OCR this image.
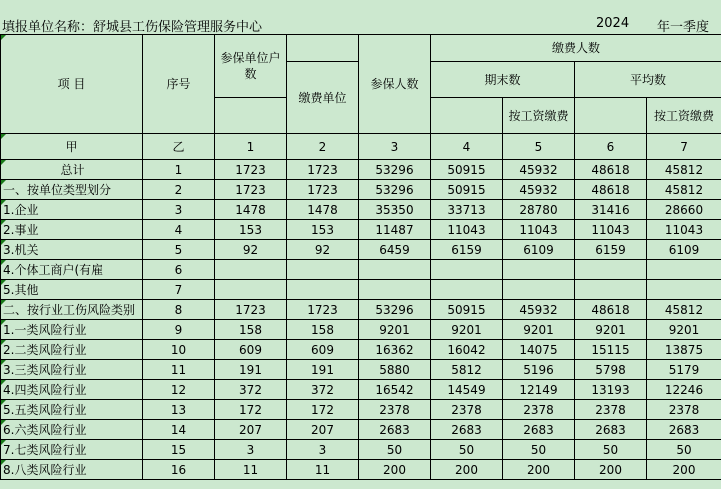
填报单位名称：舒城县工伤保险管理服务中心	2024 年一季度
项 目	序号	参保单位户数		参保人数	缴费人数			
			缴费单位		期末数		平均数	
						按工资缴费		按工资缴费

甲	乙	1	2	3	4	5	6	7
总计	1	1723	1723	53296	50915	45932	48618	45812
一、按单位类型划分	2	1723	1723	53296	50915	45932	48618	45812
1.企业	3	1478	1478	35350	33713	28780	31416	28660
2.事业	4	153	153	11487	11043	11043	11043	11043
3.机关	5	92	92	6459	6159	6109	6159	6109
4.个体工商户(有雇	6							
5.其他	7							
二、按行业工伤风险类别	8	1723	1723	53296	50915	45932	48618	45812
1.一类风险行业	9	158	158	9201	9201	9201	9201	9201
2.二类风险行业	10	609	609	16362	16042	14075	15115	13875
3.三类风险行业	11	191	191	5880	5812	5196	5798	5179
4.四类风险行业	12	372	372	16542	14549	12149	13193	12246
5.五类风险行业	13	172	172	2378	2378	2378	2378	2378
6.六类风险行业	14	207	207	2683	2683	2683	2683	2683
7.七类风险行业	15	3	3	50	50	50	50	50
8.八类风险行业	16	11	11	200	200	200	200	200
